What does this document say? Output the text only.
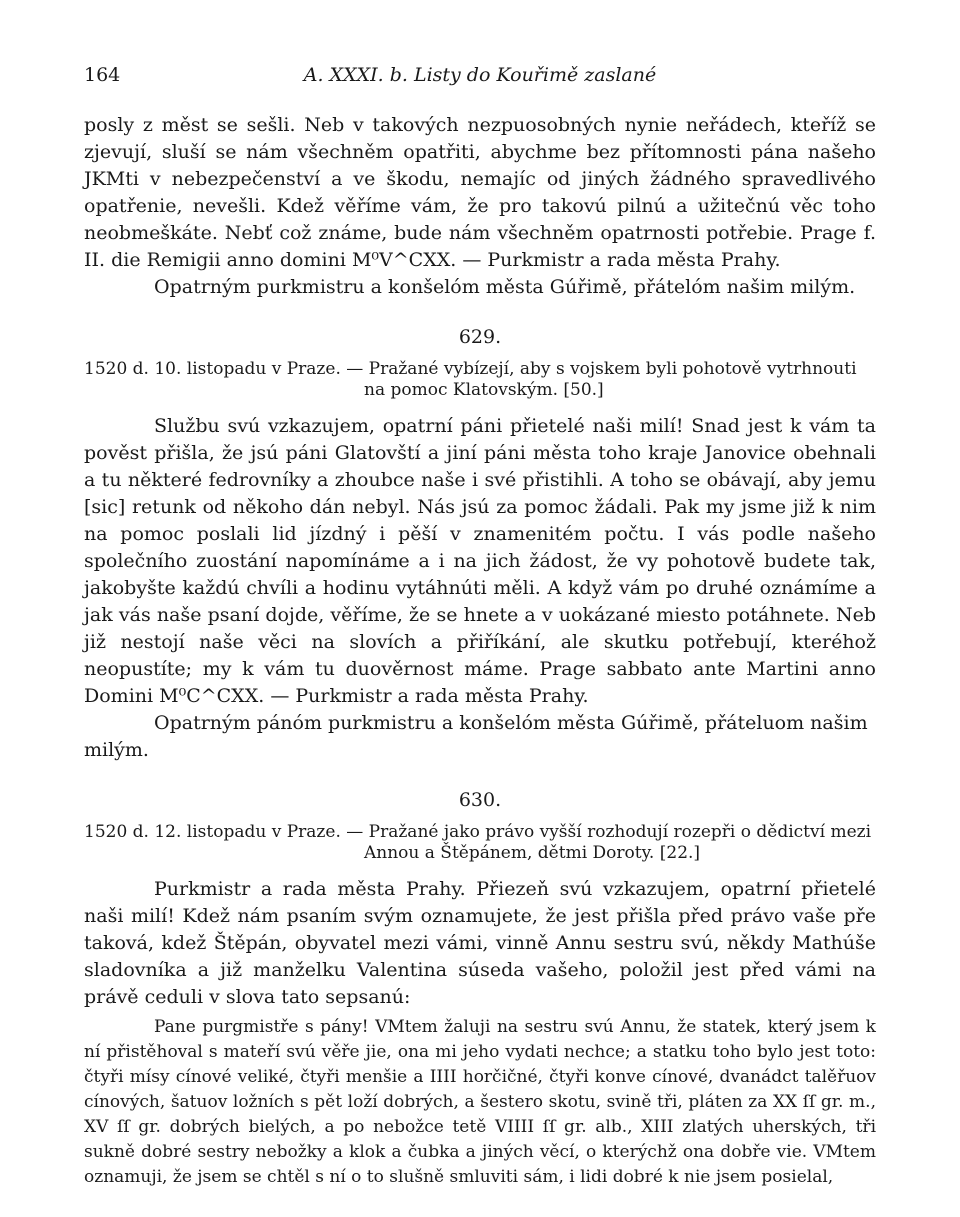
164	A. XXXI. b. Listy do Kouřimě zaslané

posly z měst se sešli. Neb v takových nezpuosobných nynie neřádech, kteříž se zjevují, sluší se nám všechněm opatřiti, abychme bez přítomnosti pána našeho JKMti v nebezpečenství a ve škodu, nemajíc od jiných žádného spravedlivého opatřenie, nevešli. Kdež věříme vám, že pro takovú pilnú a užitečnú věc toho neobmeškáte. Nebť což známe, bude nám všechněm opatrnosti potřebie. Prage f. II. die Remigii anno domini M⁰V^CXX. — Purkmistr a rada města Prahy.

Opatrným purkmistru a konšelóm města Gúřimě, přátelóm našim milým.

629.

1520 d. 10. listopadu v Praze. — Pražané vybízejí, aby s vojskem byli pohotově vytrhnouti na pomoc Klatovským. [50.]

Službu svú vzkazujem, opatrní páni přietelé naši milí! Snad jest k vám ta pověst přišla, že jsú páni Glatovští a jiní páni města toho kraje Janovice obehnali a tu některé fedrovníky a zhoubce naše i své přistihli. A toho se obávají, aby jemu [sic] retunk od někoho dán nebyl. Nás jsú za pomoc žádali. Pak my jsme již k nim na pomoc poslali lid jízdný i pěší v znamenitém počtu. I vás podle našeho společního zuostání napomínáme a i na jich žádost, že vy pohotově budete tak, jakobyšte každú chvíli a hodinu vytáhnúti měli. A když vám po druhé oznámíme a jak vás naše psaní dojde, věříme, že se hnete a v uokázané miesto potáhnete. Neb již nestojí naše věci na slovích a přiříkání, ale skutku potřebují, kteréhož neopustíte; my k vám tu duověrnost máme. Prage sabbato ante Martini anno Domini M⁰C^CXX. — Purkmistr a rada města Prahy.

Opatrným pánóm purkmistru a konšelóm města Gúřimě, přáteluom našim milým.

630.

1520 d. 12. listopadu v Praze. — Pražané jako právo vyšší rozhodují rozepři o dědictví mezi Annou a Štěpánem, dětmi Doroty. [22.]

Purkmistr a rada města Prahy. Přiezeň svú vzkazujem, opatrní přietelé naši milí! Kdež nám psaním svým oznamujete, že jest přišla před právo vaše pře taková, kdež Štěpán, obyvatel mezi vámi, vinně Annu sestru svú, někdy Mathúše sladovníka a již manželku Valentina súseda vašeho, položil jest před vámi na právě ceduli v slova tato sepsanú:

Pane purgmistře s pány! VMtem žaluji na sestru svú Annu, že statek, který jsem k ní přistěhoval s mateří svú věře jie, ona mi jeho vydati nechce; a statku toho bylo jest toto: čtyři mísy cínové veliké, čtyři menšie a IIII horčičné, čtyři konve cínové, dvanádct talěřuov cínových, šatuov ložních s pět loží dobrých, a šestero skotu, svině tři, pláten za XX ſſ gr. m., XV ſſ gr. dobrých bielých, a po nebožce tetě VIIII ſſ gr. alb., XIII zlatých uherských, tři sukně dobré sestry nebožky a klok a čubka a jiných věcí, o kterýchž ona dobře vie. VMtem oznamuji, že jsem se chtěl s ní o to slušně smluviti sám, i lidi dobré k nie jsem posielal,
